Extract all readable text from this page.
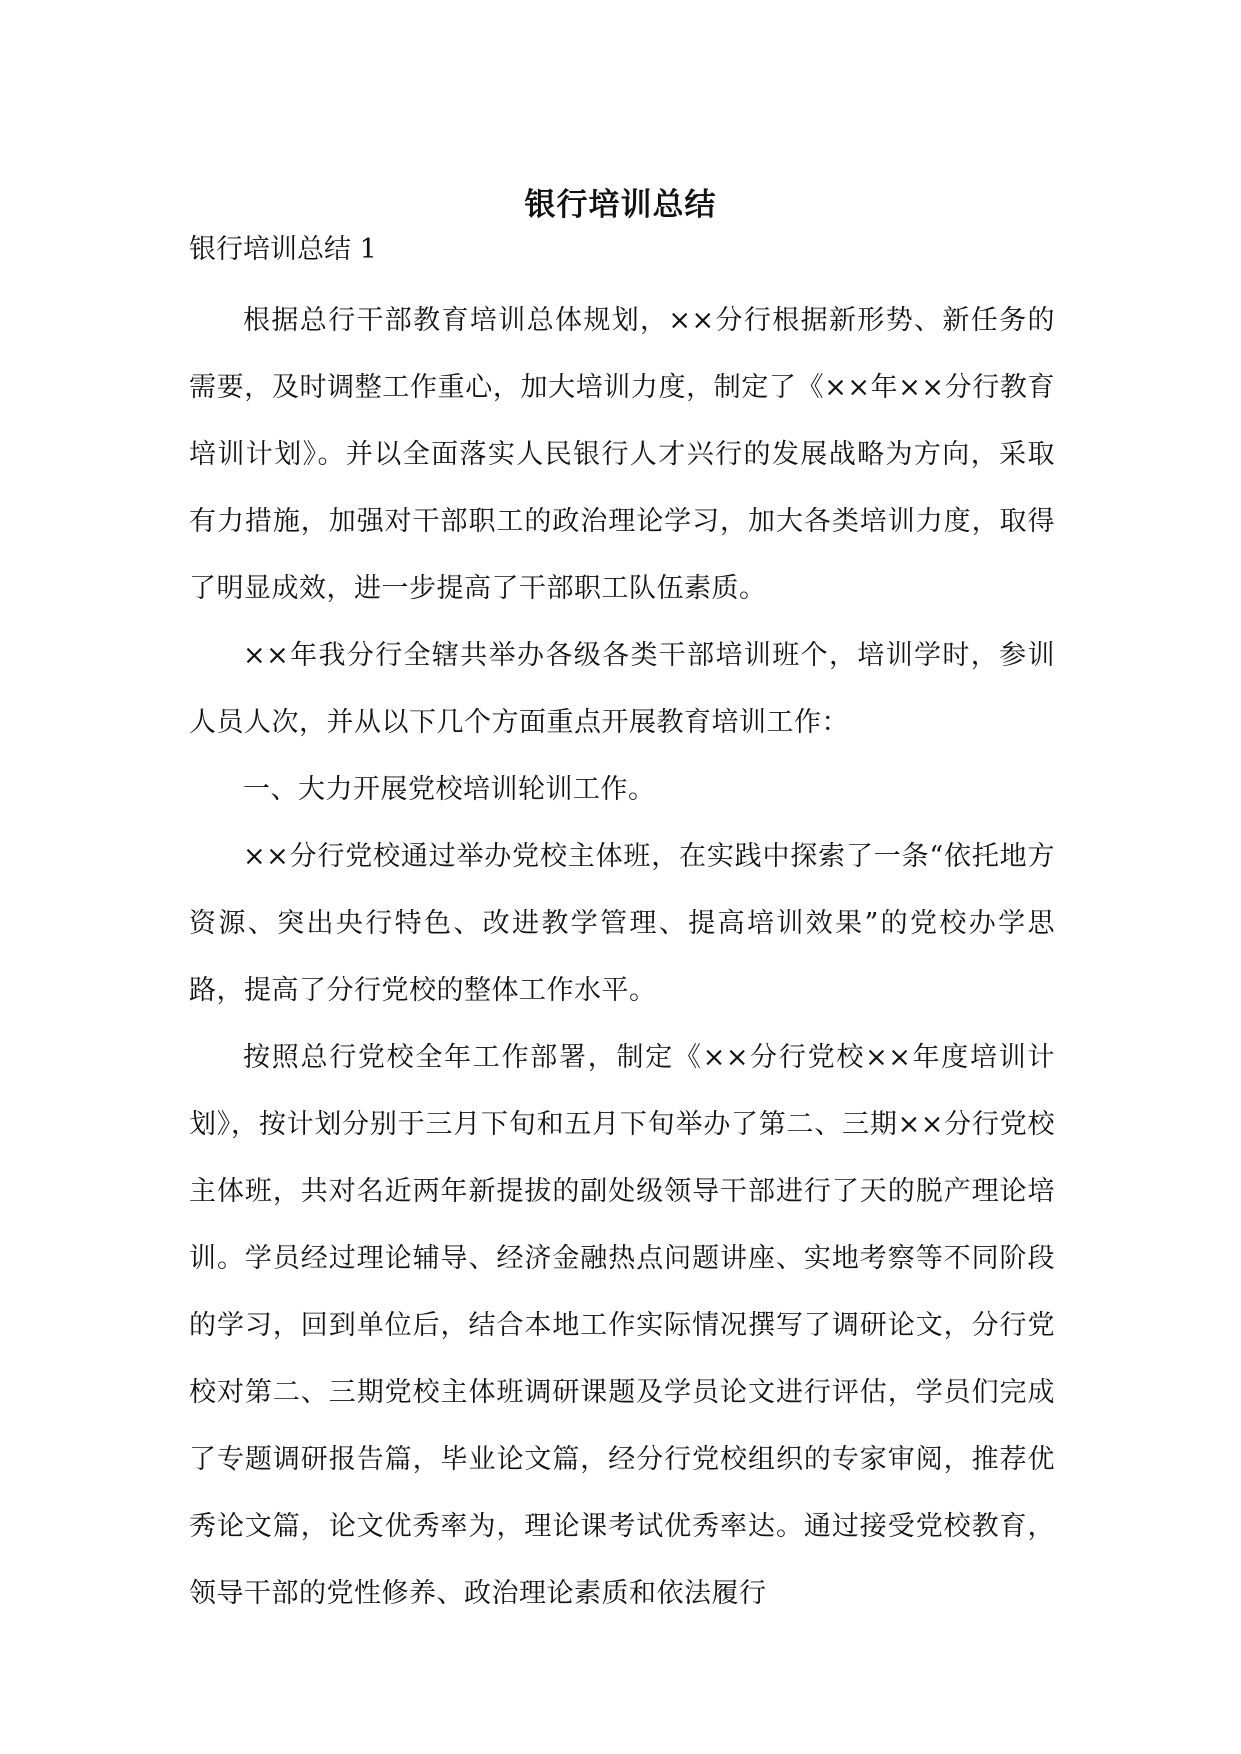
银行培训总结
银行培训总结 1

根据总行干部教育培训总体规划，××分行根据新形势、新任务的需要，及时调整工作重心，加大培训力度，制定了《××年××分行教育培训计划》。并以全面落实人民银行人才兴行的发展战略为方向，采取有力措施，加强对干部职工的政治理论学习，加大各类培训力度，取得了明显成效，进一步提高了干部职工队伍素质。

××年我分行全辖共举办各级各类干部培训班个，培训学时，参训人员人次，并从以下几个方面重点开展教育培训工作：

一、大力开展党校培训轮训工作。

××分行党校通过举办党校主体班，在实践中探索了一条“依托地方资源、突出央行特色、改进教学管理、提高培训效果”的党校办学思路，提高了分行党校的整体工作水平。

按照总行党校全年工作部署，制定《××分行党校××年度培训计划》，按计划分别于三月下旬和五月下旬举办了第二、三期××分行党校主体班，共对名近两年新提拔的副处级领导干部进行了天的脱产理论培训。学员经过理论辅导、经济金融热点问题讲座、实地考察等不同阶段的学习，回到单位后，结合本地工作实际情况撰写了调研论文，分行党校对第二、三期党校主体班调研课题及学员论文进行评估，学员们完成了专题调研报告篇，毕业论文篇，经分行党校组织的专家审阅，推荐优秀论文篇，论文优秀率为，理论课考试优秀率达。通过接受党校教育，领导干部的党性修养、政治理论素质和依法履行
